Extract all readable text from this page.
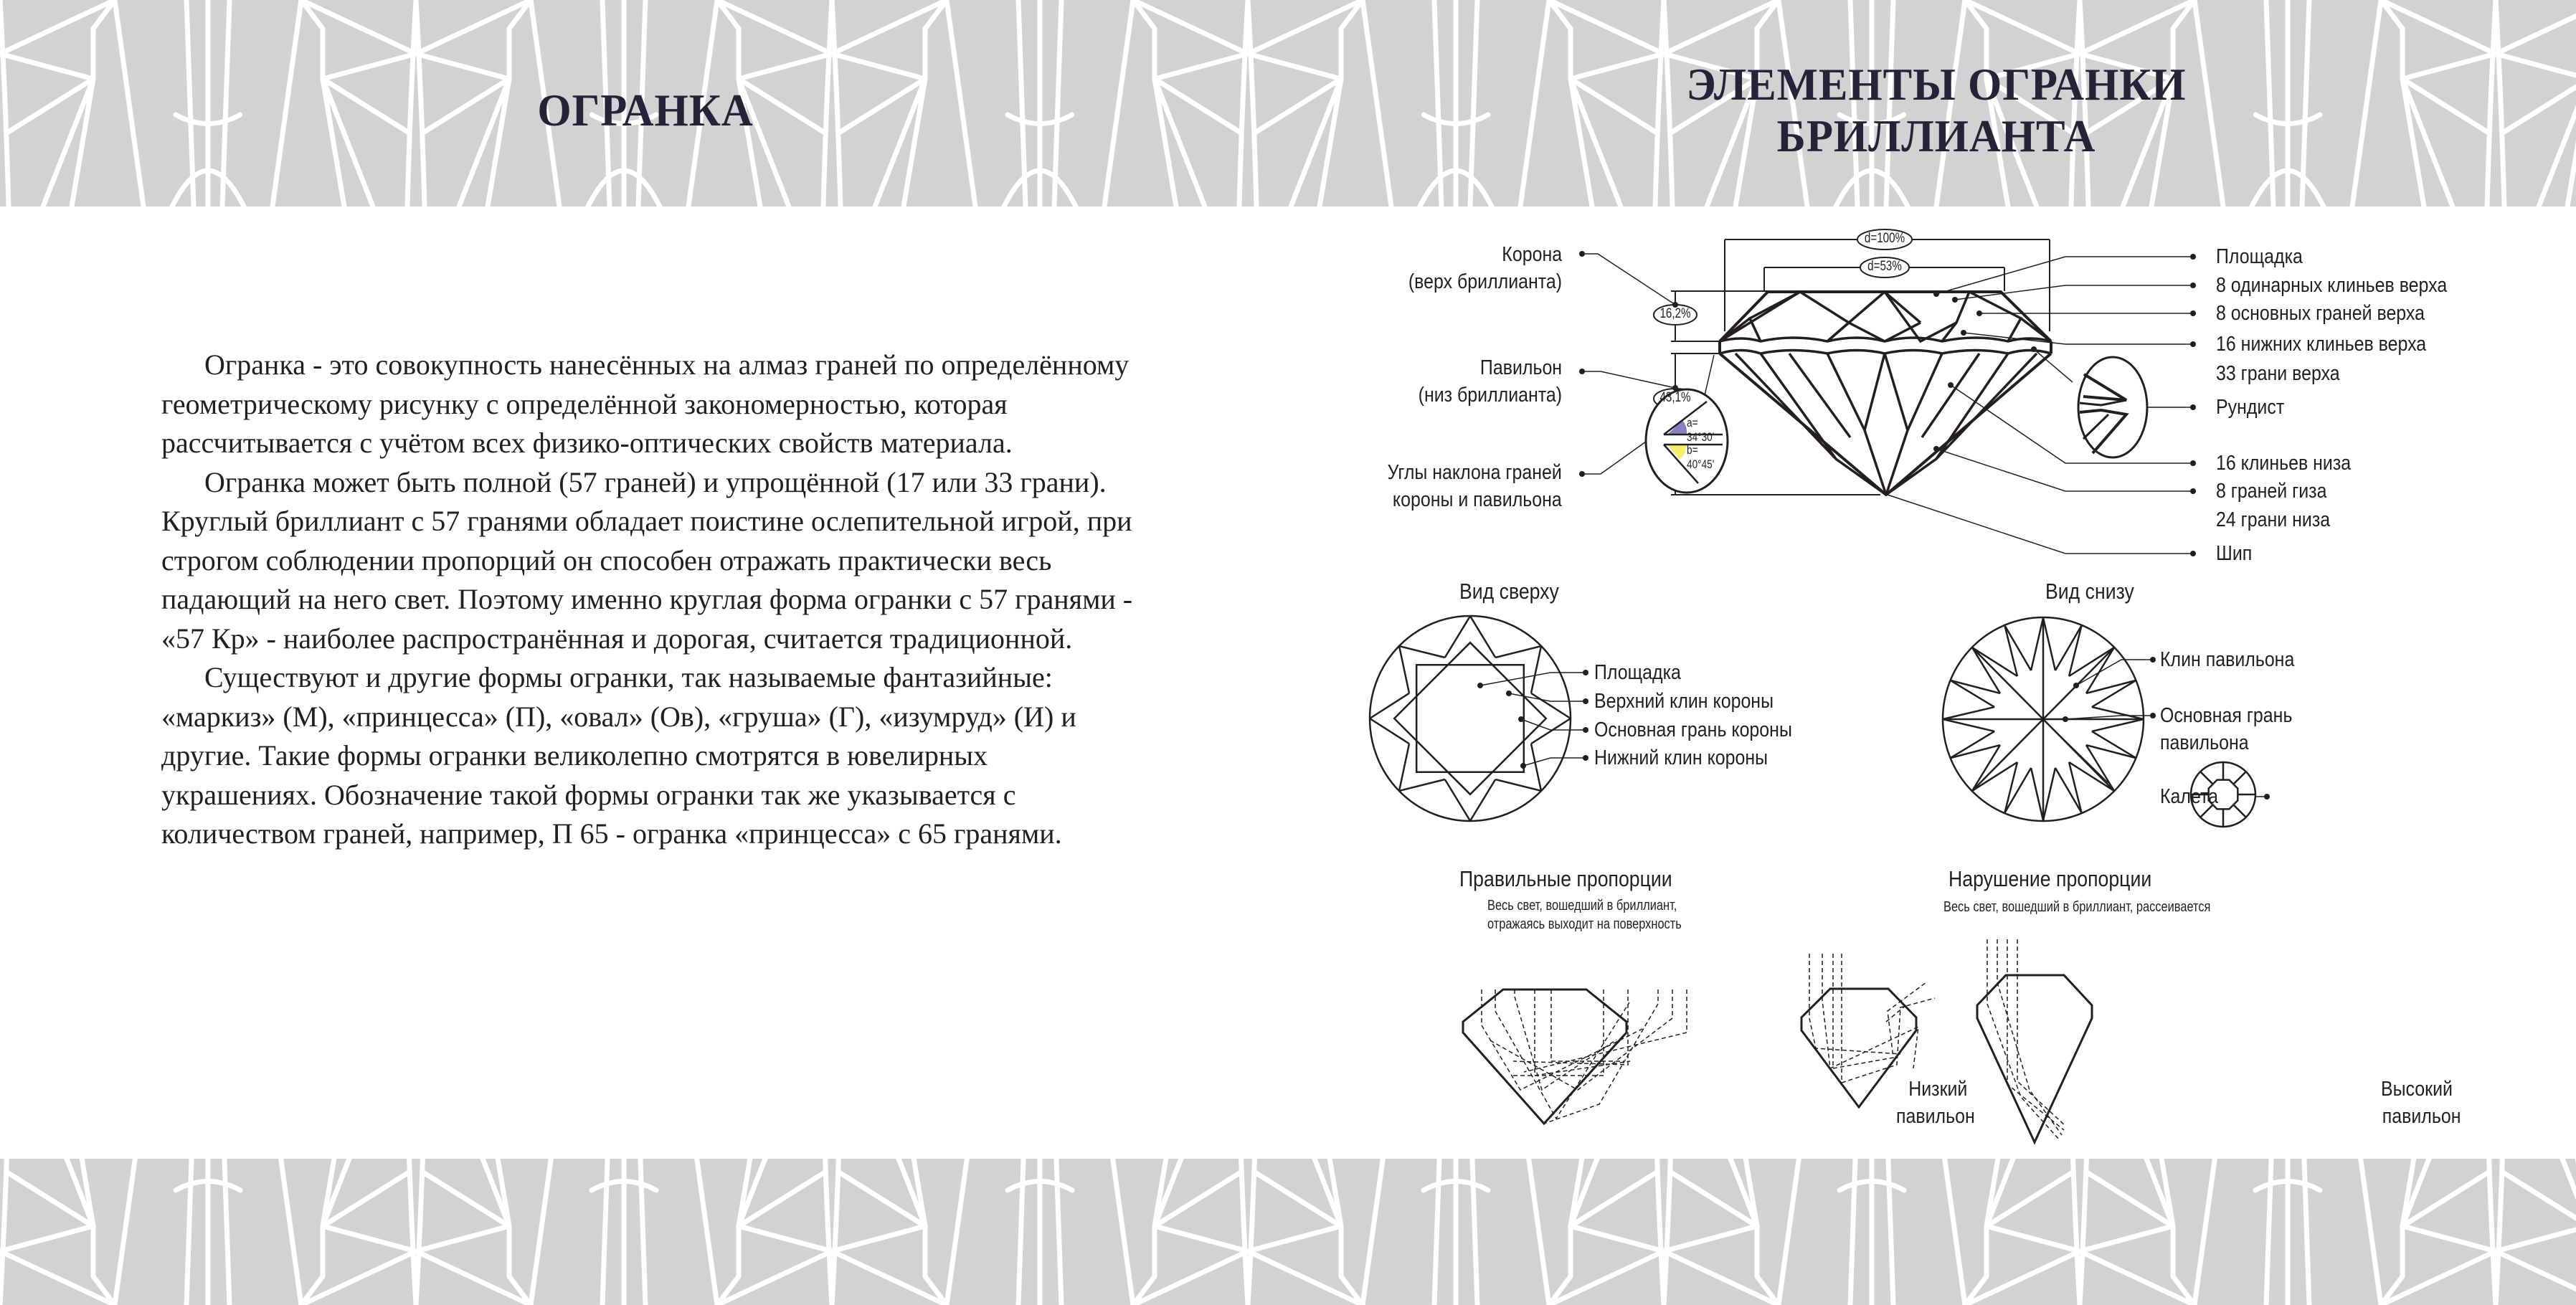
ОГРАНКА
ЭЛЕМЕНТЫ ОГРАНКИ
БРИЛЛИАНТА

Огранка - это совокупность нанесённых на алмаз граней по определённому геометрическому рисунку с определённой закономерностью, которая рассчитывается с учётом всех физико-оптических свойств материала.

Огранка может быть полной (57 граней) и упрощённой (17 или 33 грани). Круглый бриллиант с 57 гранями обладает поистине ослепительной игрой, при строгом соблюдении пропорций он способен отражать практически весь падающий на него свет. Поэтому именно круглая форма огранки с 57 гранями - «57 Кр» - наиболее распространённая и дорогая, считается традиционной.

Существуют и другие формы огранки, так называемые фантазийные: «маркиз» (М), «принцесса» (П), «овал» (Ов), «груша» (Г), «изумруд» (И) и другие. Такие формы огранки великолепно смотрятся в ювелирных украшениях. Обозначение такой формы огранки так же указывается с количеством граней, например, П 65 - огранка «принцесса» с 65 гранями.

d=100%
d=53%
16,2%
43,1%
a= 34°30'
b= 40°45'
Корона
(верх бриллианта)
Павильон
(низ бриллианта)
Углы наклона граней
короны и павильона
Площадка
8 одинарных клиньев верха
8 основных граней верха
16 нижних клиньев верха
33 грани верха
Рундист
16 клиньев низа
8 граней гиза
24 грани низа
Шип
Вид сверху
Площадка
Верхний клин короны
Основная грань короны
Нижний клин короны
Вид снизу
Клин павильона
Основная грань
павильона
Калета
Правильные пропорции
Весь свет, вошедший в бриллиант,
отражаясь выходит на поверхность
Нарушение пропорции
Весь свет, вошедший в бриллиант, рассеивается
Низкий
павильон
Высокий
павильон
